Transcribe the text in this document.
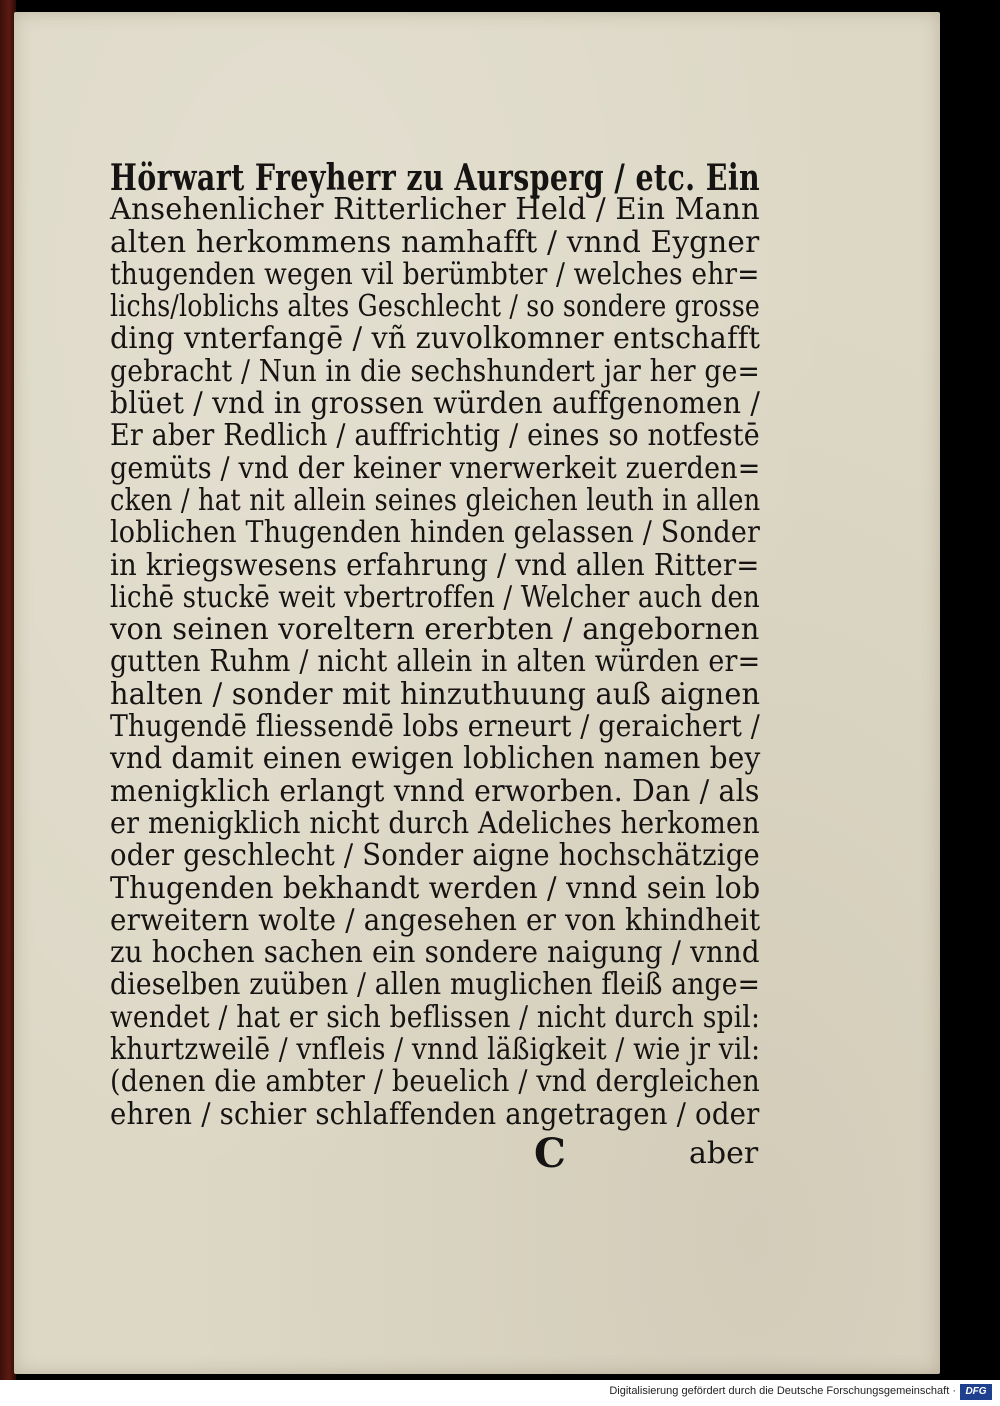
Hörwart Freyherr zu Aursperg / etc. Ein
Ansehenlicher Ritterlicher Held / Ein Mann
alten herkommens namhafft / vnnd Eygner
thugenden wegen vil berümbter / welches ehr=
lichs/loblichs altes Geschlecht / so sondere grosse
ding vnterfangē / vñ zuvolkomner entschafft
gebracht / Nun in die sechshundert jar her ge=
blüet / vnd in grossen würden auffgenomen /
Er aber Redlich / auffrichtig / eines so notfestē
gemüts / vnd der keiner vnerwerkeit zuerden=
cken / hat nit allein seines gleichen leuth in allen
loblichen Thugenden hinden gelassen / Sonder
in kriegswesens erfahrung / vnd allen Ritter=
lichē stuckē weit vbertroffen / Welcher auch den
von seinen voreltern ererbten / angebornen
gutten Ruhm / nicht allein in alten würden er=
halten / sonder mit hinzuthuung auß aignen
Thugendē fliessendē lobs erneurt / geraichert /
vnd damit einen ewigen loblichen namen bey
menigklich erlangt vnnd erworben. Dan / als
er menigklich nicht durch Adeliches herkomen
oder geschlecht / Sonder aigne hochschätzige
Thugenden bekhandt werden / vnnd sein lob
erweitern wolte / angesehen er von khindheit
zu hochen sachen ein sondere naigung / vnnd
dieselben zuüben / allen muglichen fleiß ange=
wendet / hat er sich beflissen / nicht durch spil:
khurtzweilē / vnfleis / vnnd läßigkeit / wie jr vil:
(denen die ambter / beuelich / vnd dergleichen
ehren / schier schlaffenden angetragen / oder
C	aber
Digitalisierung gefördert durch die Deutsche Forschungsgemeinschaft · DFG
